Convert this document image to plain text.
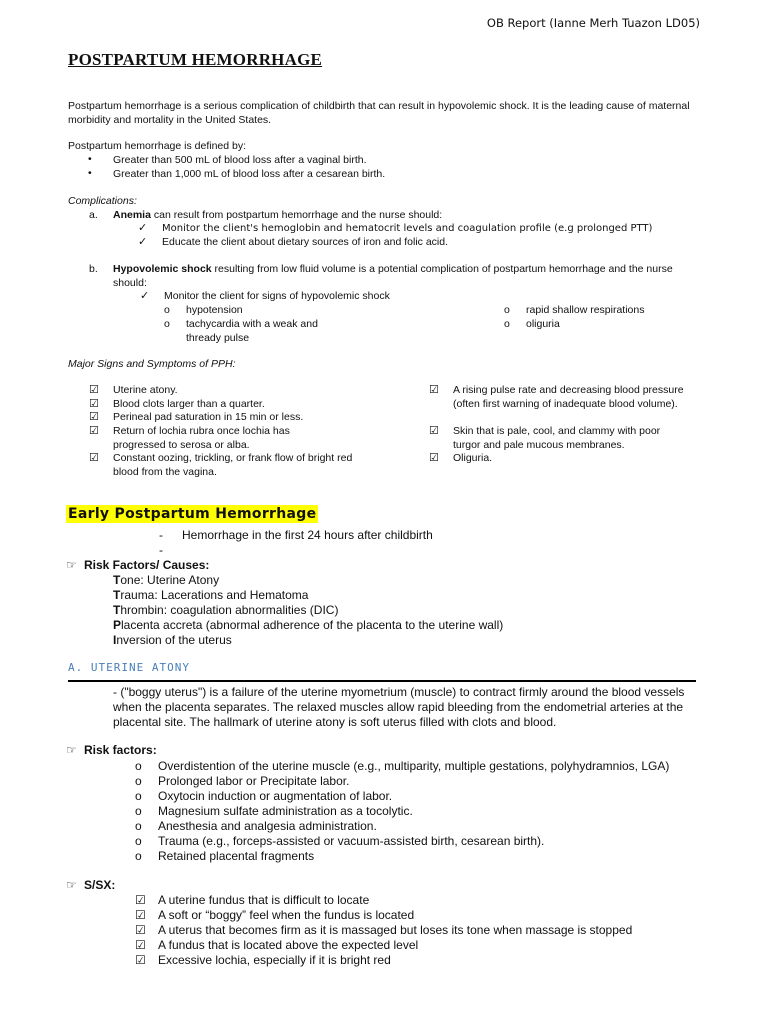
OB Report (Ianne Merh Tuazon LD05)
POSTPARTUM HEMORRHAGE

Postpartum hemorrhage is a serious complication of childbirth that can result in hypovolemic shock. It is the leading cause of maternal morbidity and mortality in the United States.

Postpartum hemorrhage is defined by:
• Greater than 500 mL of blood loss after a vaginal birth.
• Greater than 1,000 mL of blood loss after a cesarean birth.
Complications:
a. Anemia can result from postpartum hemorrhage and the nurse should:
✓ Monitor the client's hemoglobin and hematocrit levels and coagulation profile (e.g prolonged PTT)
✓ Educate the client about dietary sources of iron and folic acid.
b. Hypovolemic shock resulting from low fluid volume is a potential complication of postpartum hemorrhage and the nurse should:
✓ Monitor the client for signs of hypovolemic shock
o hypotension
o tachycardia with a weak and thready pulse
o rapid shallow respirations
o oliguria
Major Signs and Symptoms of PPH:
☑ Uterine atony.
☑ Blood clots larger than a quarter.
☑ Perineal pad saturation in 15 min or less.
☑ Return of lochia rubra once lochia has progressed to serosa or alba.
☑ Constant oozing, trickling, or frank flow of bright red blood from the vagina.
☑ A rising pulse rate and decreasing blood pressure (often first warning of inadequate blood volume).
☑ Skin that is pale, cool, and clammy with poor turgor and pale mucous membranes.
☑ Oliguria.
Early Postpartum Hemorrhage
- Hemorrhage in the first 24 hours after childbirth
-
☞ Risk Factors/ Causes:
Tone: Uterine Atony
Trauma: Lacerations and Hematoma
Thrombin: coagulation abnormalities (DIC)
Placenta accreta (abnormal adherence of the placenta to the uterine wall)
Inversion of the uterus
A. UTERINE ATONY

- ("boggy uterus") is a failure of the uterine myometrium (muscle) to contract firmly around the blood vessels when the placenta separates. The relaxed muscles allow rapid bleeding from the endometrial arteries at the placental site. The hallmark of uterine atony is soft uterus filled with clots and blood.

☞ Risk factors:
o Overdistention of the uterine muscle (e.g., multiparity, multiple gestations, polyhydramnios, LGA)
o Prolonged labor or Precipitate labor.
o Oxytocin induction or augmentation of labor.
o Magnesium sulfate administration as a tocolytic.
o Anesthesia and analgesia administration.
o Trauma (e.g., forceps-assisted or vacuum-assisted birth, cesarean birth).
o Retained placental fragments
☞ S/SX:
☑ A uterine fundus that is difficult to locate
☑ A soft or “boggy” feel when the fundus is located
☑ A uterus that becomes firm as it is massaged but loses its tone when massage is stopped
☑ A fundus that is located above the expected level
☑ Excessive lochia, especially if it is bright red
